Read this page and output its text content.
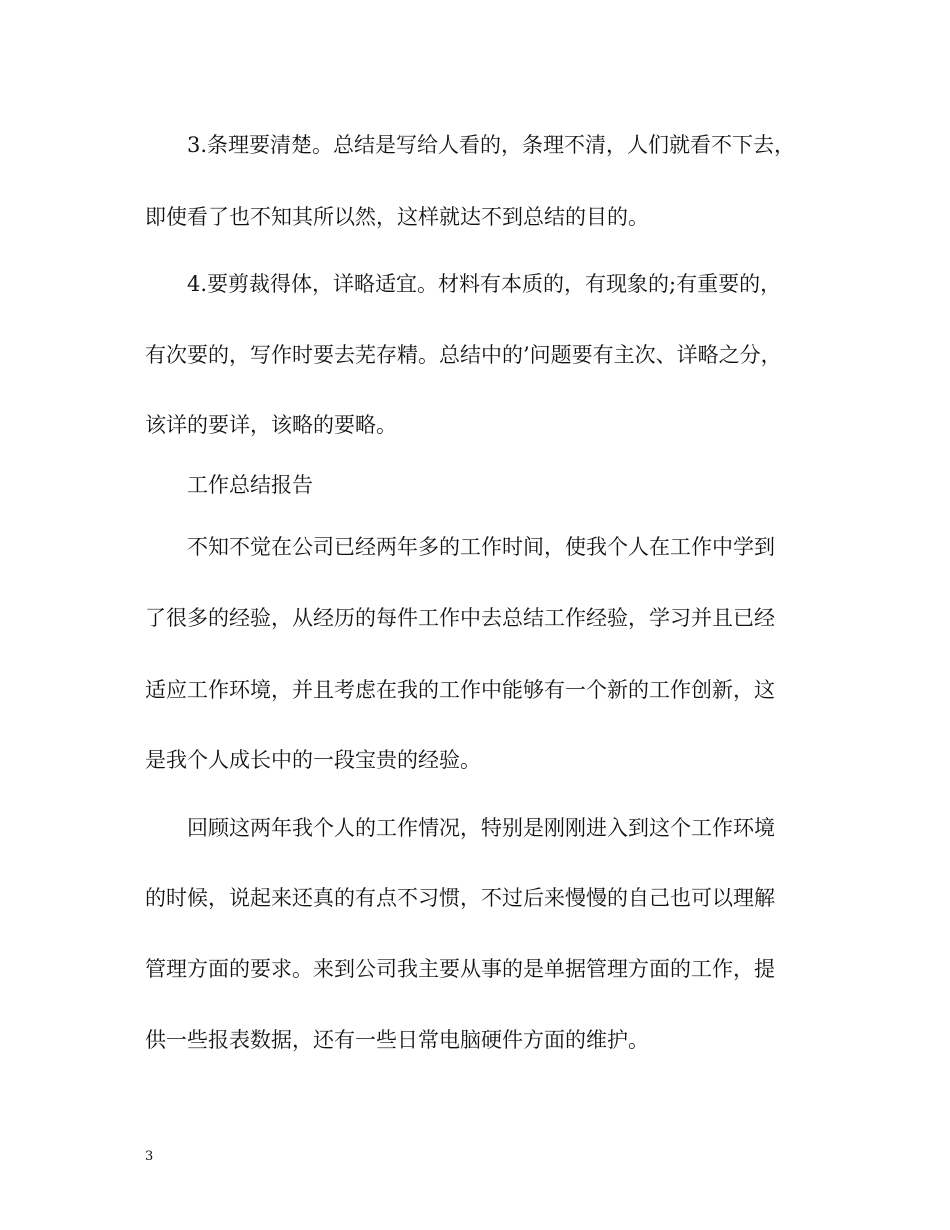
3.条理要清楚。总结是写给人看的，条理不清，人们就看不下去，
即使看了也不知其所以然，这样就达不到总结的目的。
4.要剪裁得体，详略适宜。材料有本质的，有现象的;有重要的，
有次要的，写作时要去芜存精。总结中的’问题要有主次、详略之分，
该详的要详，该略的要略。
工作总结报告
不知不觉在公司已经两年多的工作时间，使我个人在工作中学到
了很多的经验，从经历的每件工作中去总结工作经验，学习并且已经
适应工作环境，并且考虑在我的工作中能够有一个新的工作创新，这
是我个人成长中的一段宝贵的经验。
回顾这两年我个人的工作情况，特别是刚刚进入到这个工作环境
的时候，说起来还真的有点不习惯，不过后来慢慢的自己也可以理解
管理方面的要求。来到公司我主要从事的是单据管理方面的工作，提
供一些报表数据，还有一些日常电脑硬件方面的维护。
3
